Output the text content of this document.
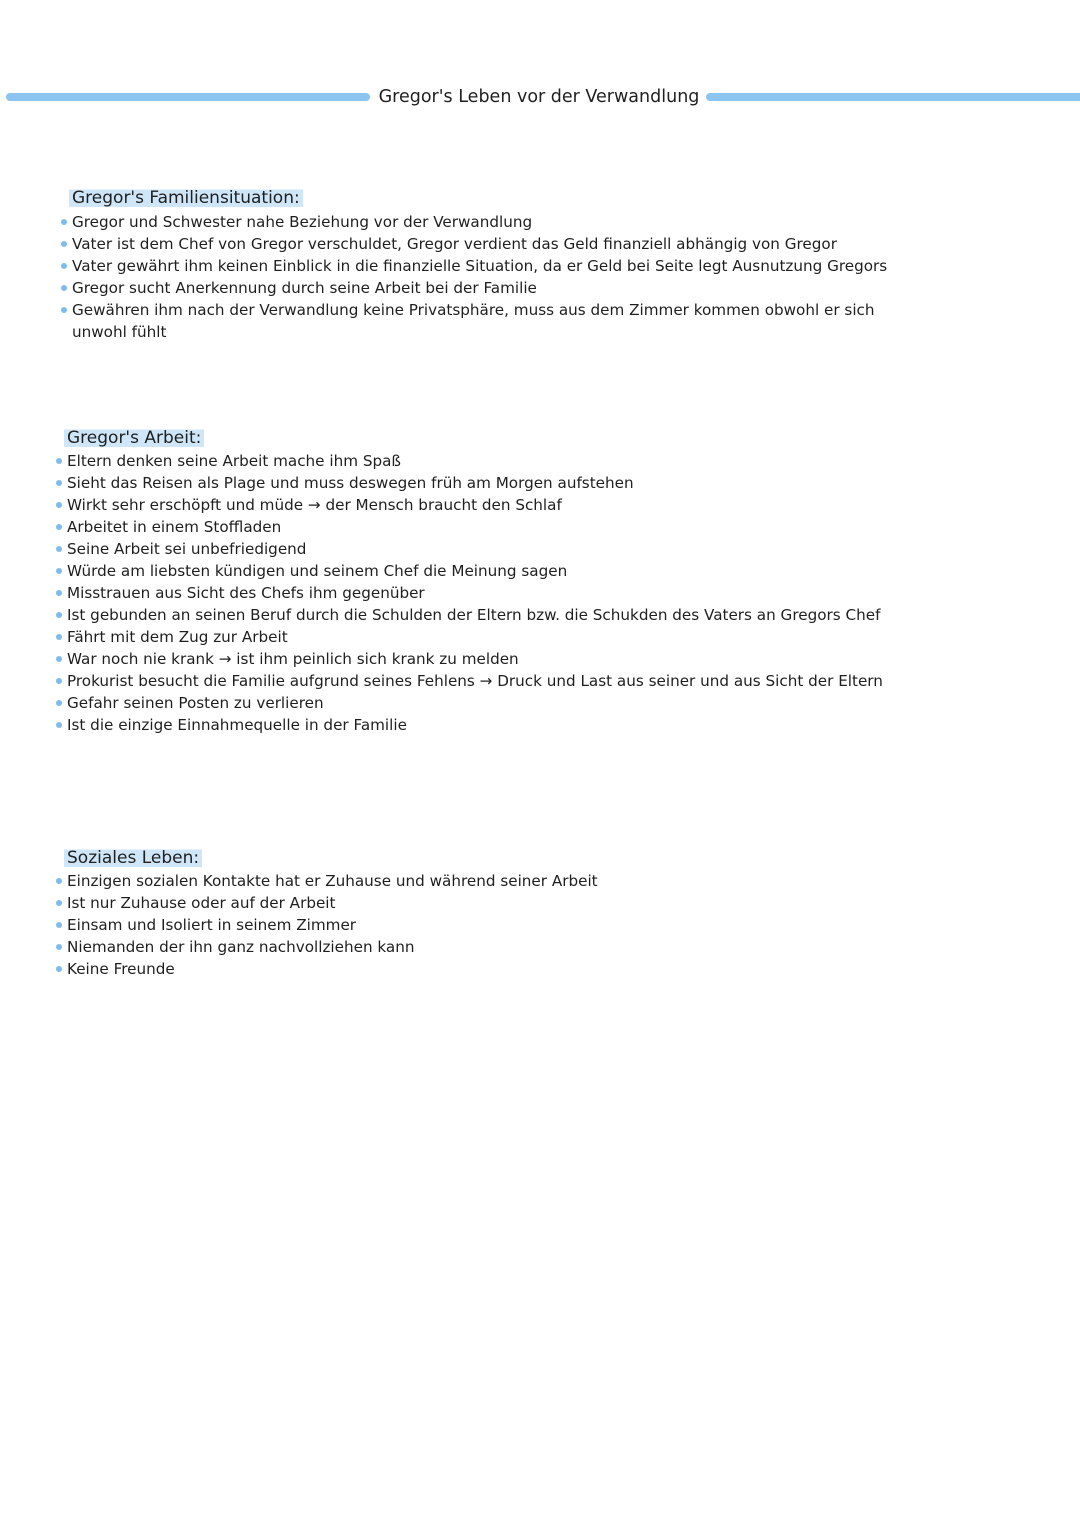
Gregor's Leben vor der Verwandlung
Gregor's Familiensituation:
Gregor und Schwester nahe Beziehung vor der Verwandlung
Vater ist dem Chef von Gregor verschuldet, Gregor verdient das Geld finanziell abhängig von Gregor
Vater gewährt ihm keinen Einblick in die finanzielle Situation, da er Geld bei Seite legt Ausnutzung Gregors
Gregor sucht Anerkennung durch seine Arbeit bei der Familie
Gewähren ihm nach der Verwandlung keine Privatsphäre, muss aus dem Zimmer kommen obwohl er sich unwohl fühlt
Gregor's Arbeit:
Eltern denken seine Arbeit mache ihm Spaß
Sieht das Reisen als Plage und muss deswegen früh am Morgen aufstehen
Wirkt sehr erschöpft und müde → der Mensch braucht den Schlaf
Arbeitet in einem Stoffladen
Seine Arbeit sei unbefriedigend
Würde am liebsten kündigen und seinem Chef die Meinung sagen
Misstrauen aus Sicht des Chefs ihm gegenüber
Ist gebunden an seinen Beruf durch die Schulden der Eltern bzw. die Schukden des Vaters an Gregors Chef
Fährt mit dem Zug zur Arbeit
War noch nie krank → ist ihm peinlich sich krank zu melden
Prokurist besucht die Familie aufgrund seines Fehlens → Druck und Last aus seiner und aus Sicht der Eltern
Gefahr seinen Posten zu verlieren
Ist die einzige Einnahmequelle in der Familie
Soziales Leben:
Einzigen sozialen Kontakte hat er Zuhause und während seiner Arbeit
Ist nur Zuhause oder auf der Arbeit
Einsam und Isoliert in seinem Zimmer
Niemanden der ihn ganz nachvollziehen kann
Keine Freunde
